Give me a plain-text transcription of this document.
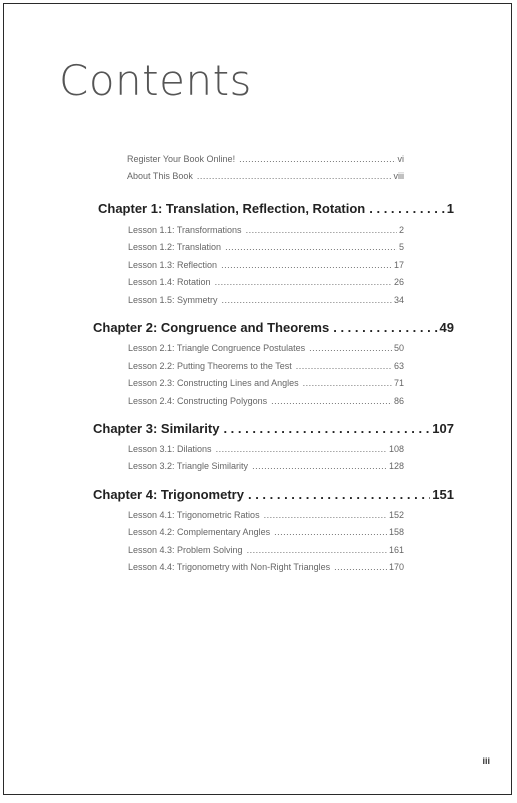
Contents
Register Your Book Online! . . .	vi
About This Book . . .	viii
Chapter 1: Translation, Reflection, Rotation . . .	1
Lesson 1.1: Transformations . . .	2
Lesson 1.2: Translation . . .	5
Lesson 1.3: Reflection . . .	17
Lesson 1.4: Rotation . . .	26
Lesson 1.5: Symmetry . . .	34
Chapter 2: Congruence and Theorems . . .	49
Lesson 2.1: Triangle Congruence Postulates . . .	50
Lesson 2.2: Putting Theorems to the Test . . .	63
Lesson 2.3: Constructing Lines and Angles . . .	71
Lesson 2.4: Constructing Polygons . . .	86
Chapter 3: Similarity . . .	107
Lesson 3.1: Dilations . . .	108
Lesson 3.2: Triangle Similarity . . .	128
Chapter 4: Trigonometry . . .	151
Lesson 4.1: Trigonometric Ratios . . .	152
Lesson 4.2: Complementary Angles . . .	158
Lesson 4.3: Problem Solving . . .	161
Lesson 4.4: Trigonometry with Non-Right Triangles . . .	170
iii
